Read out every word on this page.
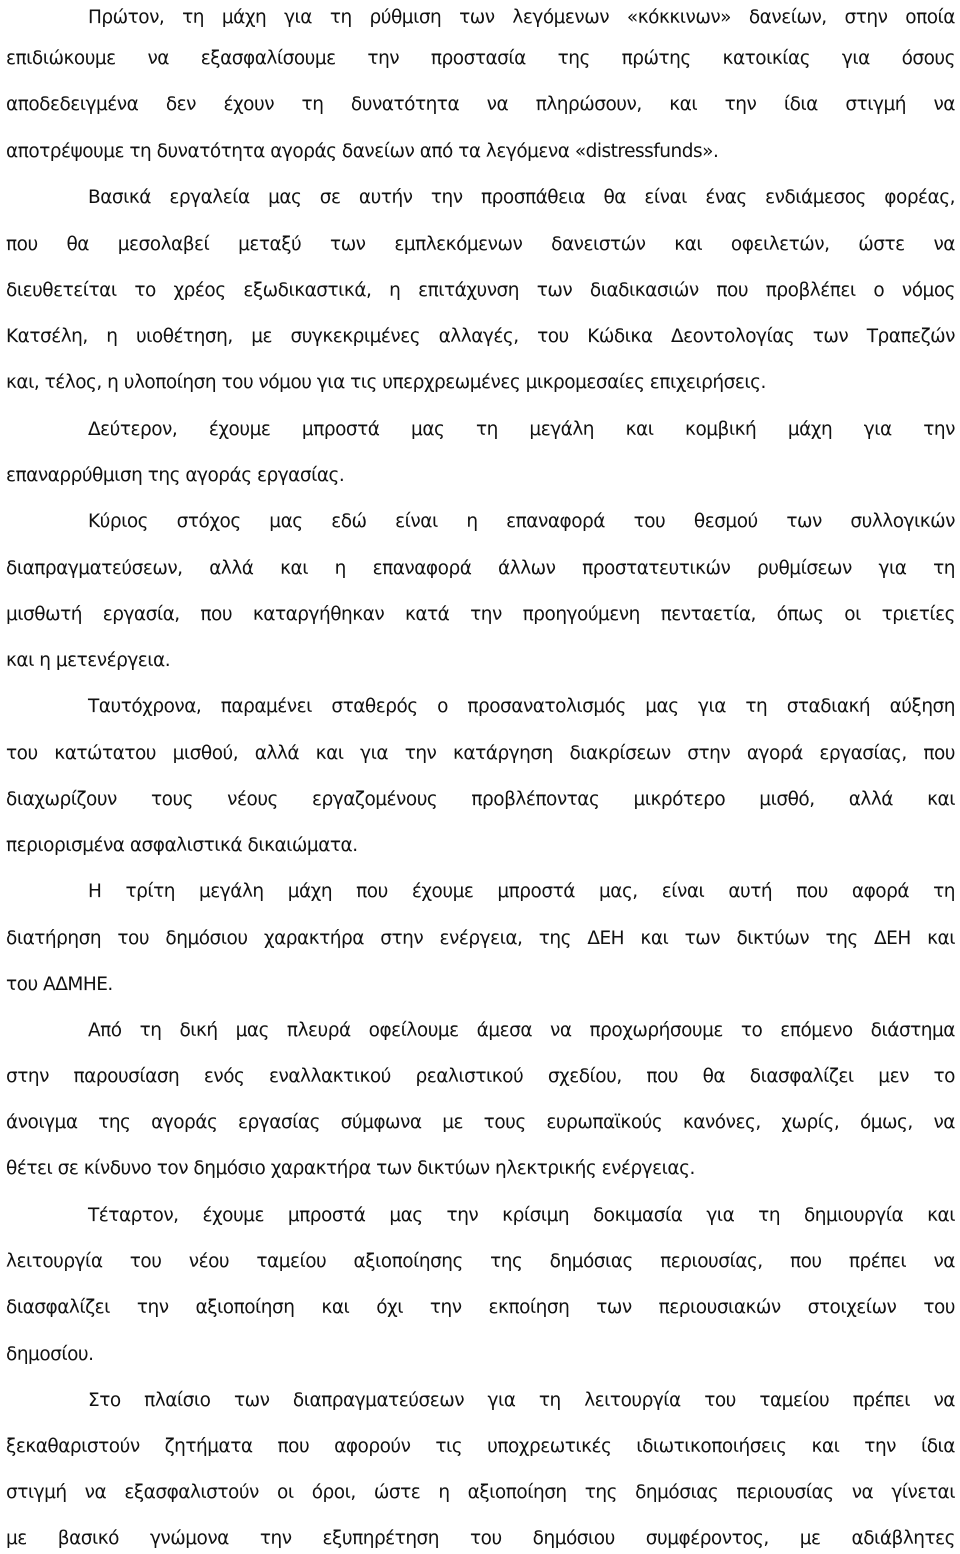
Πρώτον, τη μάχη για τη ρύθμιση των λεγόμενων «κόκκινων» δανείων, στην οποία
επιδιώκουμε να εξασφαλίσουμε την προστασία της πρώτης κατοικίας για όσους
αποδεδειγμένα δεν έχουν τη δυνατότητα να πληρώσουν, και την ίδια στιγμή να
αποτρέψουμε τη δυνατότητα αγοράς δανείων από τα λεγόμενα «distressfunds».
Βασικά εργαλεία μας σε αυτήν την προσπάθεια θα είναι ένας ενδιάμεσος φορέας,
που θα μεσολαβεί μεταξύ των εμπλεκόμενων δανειστών και οφειλετών, ώστε να
διευθετείται το χρέος εξωδικαστικά, η επιτάχυνση των διαδικασιών που προβλέπει ο νόμος
Κατσέλη, η υιοθέτηση, με συγκεκριμένες αλλαγές, του Κώδικα Δεοντολογίας των Τραπεζών
και, τέλος, η υλοποίηση του νόμου για τις υπερχρεωμένες μικρομεσαίες επιχειρήσεις.
Δεύτερον, έχουμε μπροστά μας τη μεγάλη και κομβική μάχη για την
επαναρρύθμιση της αγοράς εργασίας.
Κύριος στόχος μας εδώ είναι η επαναφορά του θεσμού των συλλογικών
διαπραγματεύσεων, αλλά και η επαναφορά άλλων προστατευτικών ρυθμίσεων για τη
μισθωτή εργασία, που καταργήθηκαν κατά την προηγούμενη πενταετία, όπως οι τριετίες
και η μετενέργεια.
Ταυτόχρονα, παραμένει σταθερός ο προσανατολισμός μας για τη σταδιακή αύξηση
του κατώτατου μισθού, αλλά και για την κατάργηση διακρίσεων στην αγορά εργασίας, που
διαχωρίζουν τους νέους εργαζομένους προβλέποντας μικρότερο μισθό, αλλά και
περιορισμένα ασφαλιστικά δικαιώματα.
Η τρίτη μεγάλη μάχη που έχουμε μπροστά μας, είναι αυτή που αφορά τη
διατήρηση του δημόσιου χαρακτήρα στην ενέργεια, της ΔΕΗ και των δικτύων της ΔΕΗ και
του ΑΔΜΗΕ.
Από τη δική μας πλευρά οφείλουμε άμεσα να προχωρήσουμε το επόμενο διάστημα
στην παρουσίαση ενός εναλλακτικού ρεαλιστικού σχεδίου, που θα διασφαλίζει μεν το
άνοιγμα της αγοράς εργασίας σύμφωνα με τους ευρωπαϊκούς κανόνες, χωρίς, όμως, να
θέτει σε κίνδυνο τον δημόσιο χαρακτήρα των δικτύων ηλεκτρικής ενέργειας.
Τέταρτον, έχουμε μπροστά μας την κρίσιμη δοκιμασία για τη δημιουργία και
λειτουργία του νέου ταμείου αξιοποίησης της δημόσιας περιουσίας, που πρέπει να
διασφαλίζει την αξιοποίηση και όχι την εκποίηση των περιουσιακών στοιχείων του
δημοσίου.
Στο πλαίσιο των διαπραγματεύσεων για τη λειτουργία του ταμείου πρέπει να
ξεκαθαριστούν ζητήματα που αφορούν τις υποχρεωτικές ιδιωτικοποιήσεις και την ίδια
στιγμή να εξασφαλιστούν οι όροι, ώστε η αξιοποίηση της δημόσιας περιουσίας να γίνεται
με βασικό γνώμονα την εξυπηρέτηση του δημόσιου συμφέροντος, με αδιάβλητες
